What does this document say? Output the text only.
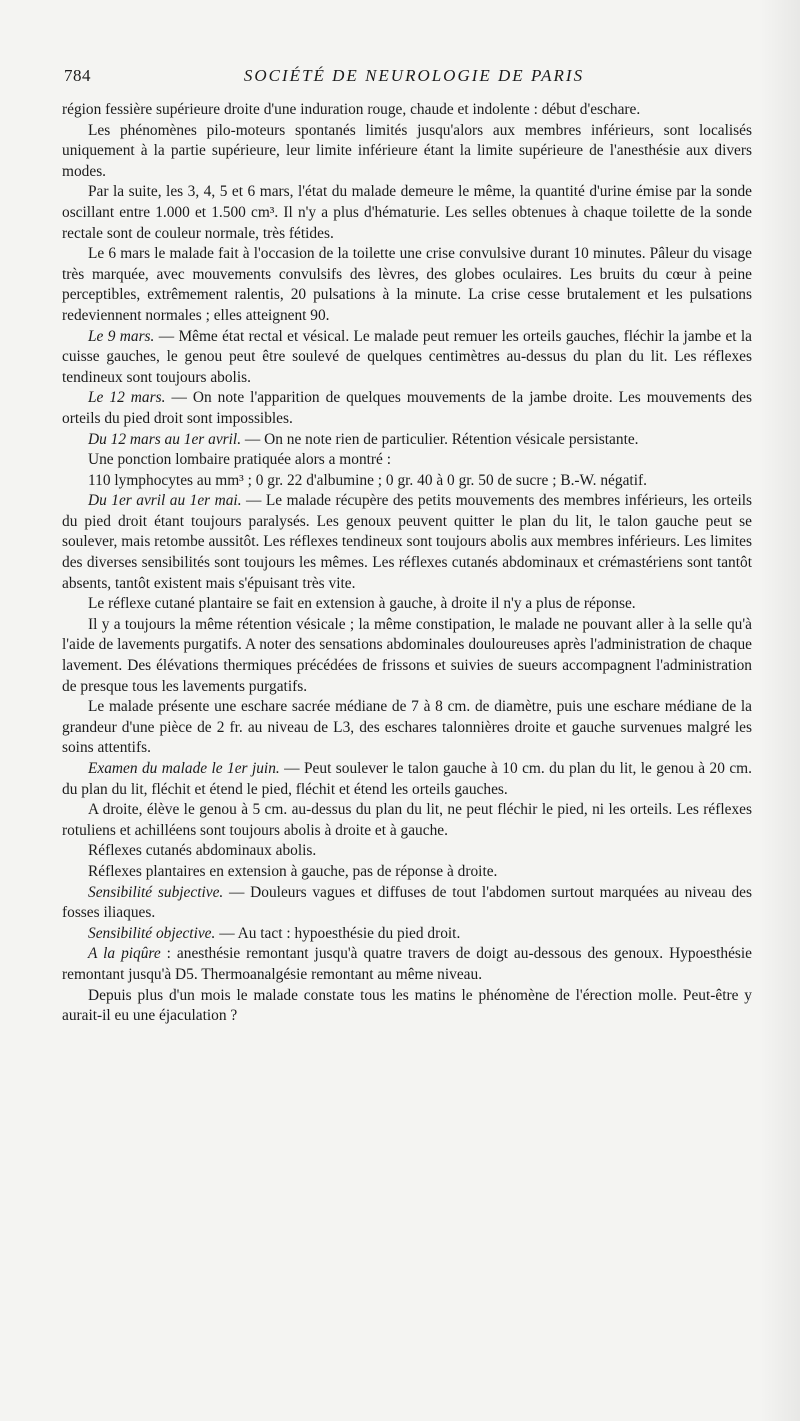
784	SOCIÉTÉ DE NEUROLOGIE DE PARIS

région fessière supérieure droite d'une induration rouge, chaude et indolente : début d'eschare.

Les phénomènes pilo-moteurs spontanés limités jusqu'alors aux membres inférieurs, sont localisés uniquement à la partie supérieure, leur limite inférieure étant la limite supérieure de l'anesthésie aux divers modes.

Par la suite, les 3, 4, 5 et 6 mars, l'état du malade demeure le même, la quantité d'urine émise par la sonde oscillant entre 1.000 et 1.500 cm³. Il n'y a plus d'hématurie. Les selles obtenues à chaque toilette de la sonde rectale sont de couleur normale, très fétides.

Le 6 mars le malade fait à l'occasion de la toilette une crise convulsive durant 10 minutes. Pâleur du visage très marquée, avec mouvements convulsifs des lèvres, des globes oculaires. Les bruits du cœur à peine perceptibles, extrêmement ralentis, 20 pulsations à la minute. La crise cesse brutalement et les pulsations redeviennent normales ; elles atteignent 90.

Le 9 mars. — Même état rectal et vésical. Le malade peut remuer les orteils gauches, fléchir la jambe et la cuisse gauches, le genou peut être soulevé de quelques centimètres au-dessus du plan du lit. Les réflexes tendineux sont toujours abolis.

Le 12 mars. — On note l'apparition de quelques mouvements de la jambe droite. Les mouvements des orteils du pied droit sont impossibles.

Du 12 mars au 1er avril. — On ne note rien de particulier. Rétention vésicale persistante.

Une ponction lombaire pratiquée alors a montré :

110 lymphocytes au mm³ ; 0 gr. 22 d'albumine ; 0 gr. 40 à 0 gr. 50 de sucre ; B.-W. négatif.

Du 1er avril au 1er mai. — Le malade récupère des petits mouvements des membres inférieurs, les orteils du pied droit étant toujours paralysés. Les genoux peuvent quitter le plan du lit, le talon gauche peut se soulever, mais retombe aussitôt. Les réflexes tendineux sont toujours abolis aux membres inférieurs. Les limites des diverses sensibilités sont toujours les mêmes. Les réflexes cutanés abdominaux et crémastériens sont tantôt absents, tantôt existent mais s'épuisant très vite.

Le réflexe cutané plantaire se fait en extension à gauche, à droite il n'y a plus de réponse.

Il y a toujours la même rétention vésicale ; la même constipation, le malade ne pouvant aller à la selle qu'à l'aide de lavements purgatifs. A noter des sensations abdominales douloureuses après l'administration de chaque lavement. Des élévations thermiques précédées de frissons et suivies de sueurs accompagnent l'administration de presque tous les lavements purgatifs.

Le malade présente une eschare sacrée médiane de 7 à 8 cm. de diamètre, puis une eschare médiane de la grandeur d'une pièce de 2 fr. au niveau de L3, des eschares talonnières droite et gauche survenues malgré les soins attentifs.

Examen du malade le 1er juin. — Peut soulever le talon gauche à 10 cm. du plan du lit, le genou à 20 cm. du plan du lit, fléchit et étend le pied, fléchit et étend les orteils gauches.

A droite, élève le genou à 5 cm. au-dessus du plan du lit, ne peut fléchir le pied, ni les orteils. Les réflexes rotuliens et achilléens sont toujours abolis à droite et à gauche.

Réflexes cutanés abdominaux abolis.

Réflexes plantaires en extension à gauche, pas de réponse à droite.

Sensibilité subjective. — Douleurs vagues et diffuses de tout l'abdomen surtout marquées au niveau des fosses iliaques.

Sensibilité objective. — Au tact : hypoesthésie du pied droit.

A la piqûre : anesthésie remontant jusqu'à quatre travers de doigt au-dessous des genoux. Hypoesthésie remontant jusqu'à D5. Thermoanalgésie remontant au même niveau.

Depuis plus d'un mois le malade constate tous les matins le phénomène de l'érection molle. Peut-être y aurait-il eu une éjaculation ?
